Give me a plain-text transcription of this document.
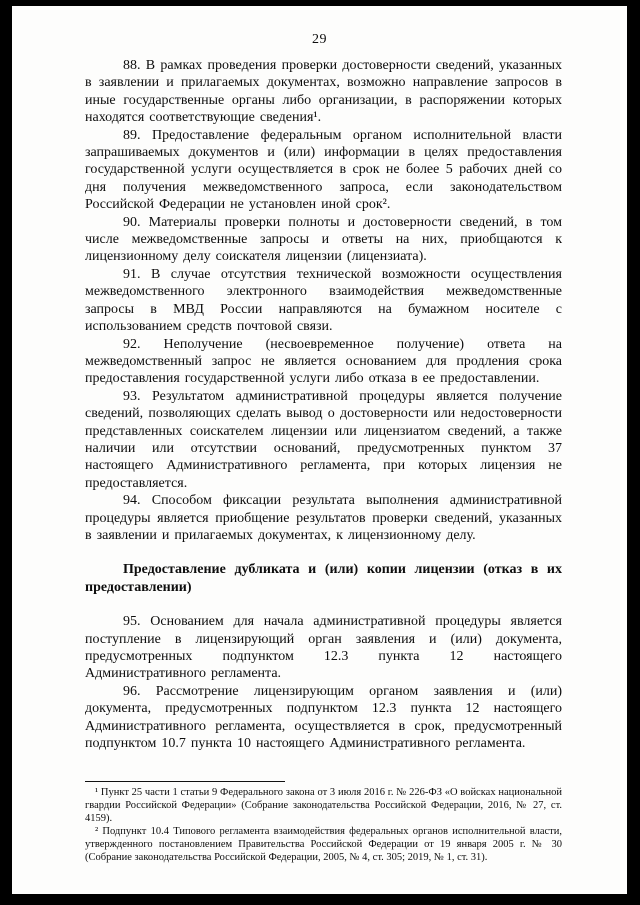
29

88. В рамках проведения проверки достоверности сведений, указанных в заявлении и прилагаемых документах, возможно направление запросов в иные государственные органы либо организации, в распоряжении которых находятся соответствующие сведения¹.

89. Предоставление федеральным органом исполнительной власти запрашиваемых документов и (или) информации в целях предоставления государственной услуги осуществляется в срок не более 5 рабочих дней со дня получения межведомственного запроса, если законодательством Российской Федерации не установлен иной срок².

90. Материалы проверки полноты и достоверности сведений, в том числе межведомственные запросы и ответы на них, приобщаются к лицензионному делу соискателя лицензии (лицензиата).

91. В случае отсутствия технической возможности осуществления межведомственного электронного взаимодействия межведомственные запросы в МВД России направляются на бумажном носителе с использованием средств почтовой связи.

92. Неполучение (несвоевременное получение) ответа на межведомственный запрос не является основанием для продления срока предоставления государственной услуги либо отказа в ее предоставлении.

93. Результатом административной процедуры является получение сведений, позволяющих сделать вывод о достоверности или недостоверности представленных соискателем лицензии или лицензиатом сведений, а также наличии или отсутствии оснований, предусмотренных пунктом 37 настоящего Административного регламента, при которых лицензия не предоставляется.

94. Способом фиксации результата выполнения административной процедуры является приобщение результатов проверки сведений, указанных в заявлении и прилагаемых документах, к лицензионному делу.

Предоставление дубликата и (или) копии лицензии (отказ в их предоставлении)

95. Основанием для начала административной процедуры является поступление в лицензирующий орган заявления и (или) документа, предусмотренных подпунктом 12.3 пункта 12 настоящего Административного регламента.

96. Рассмотрение лицензирующим органом заявления и (или) документа, предусмотренных подпунктом 12.3 пункта 12 настоящего Административного регламента, осуществляется в срок, предусмотренный подпунктом 10.7 пункта 10 настоящего Административного регламента.

¹ Пункт 25 части 1 статьи 9 Федерального закона от 3 июля 2016 г. № 226-ФЗ «О войсках национальной гвардии Российской Федерации» (Собрание законодательства Российской Федерации, 2016, № 27, ст. 4159).

² Подпункт 10.4 Типового регламента взаимодействия федеральных органов исполнительной власти, утвержденного постановлением Правительства Российской Федерации от 19 января 2005 г. № 30 (Собрание законодательства Российской Федерации, 2005, № 4, ст. 305; 2019, № 1, ст. 31).
